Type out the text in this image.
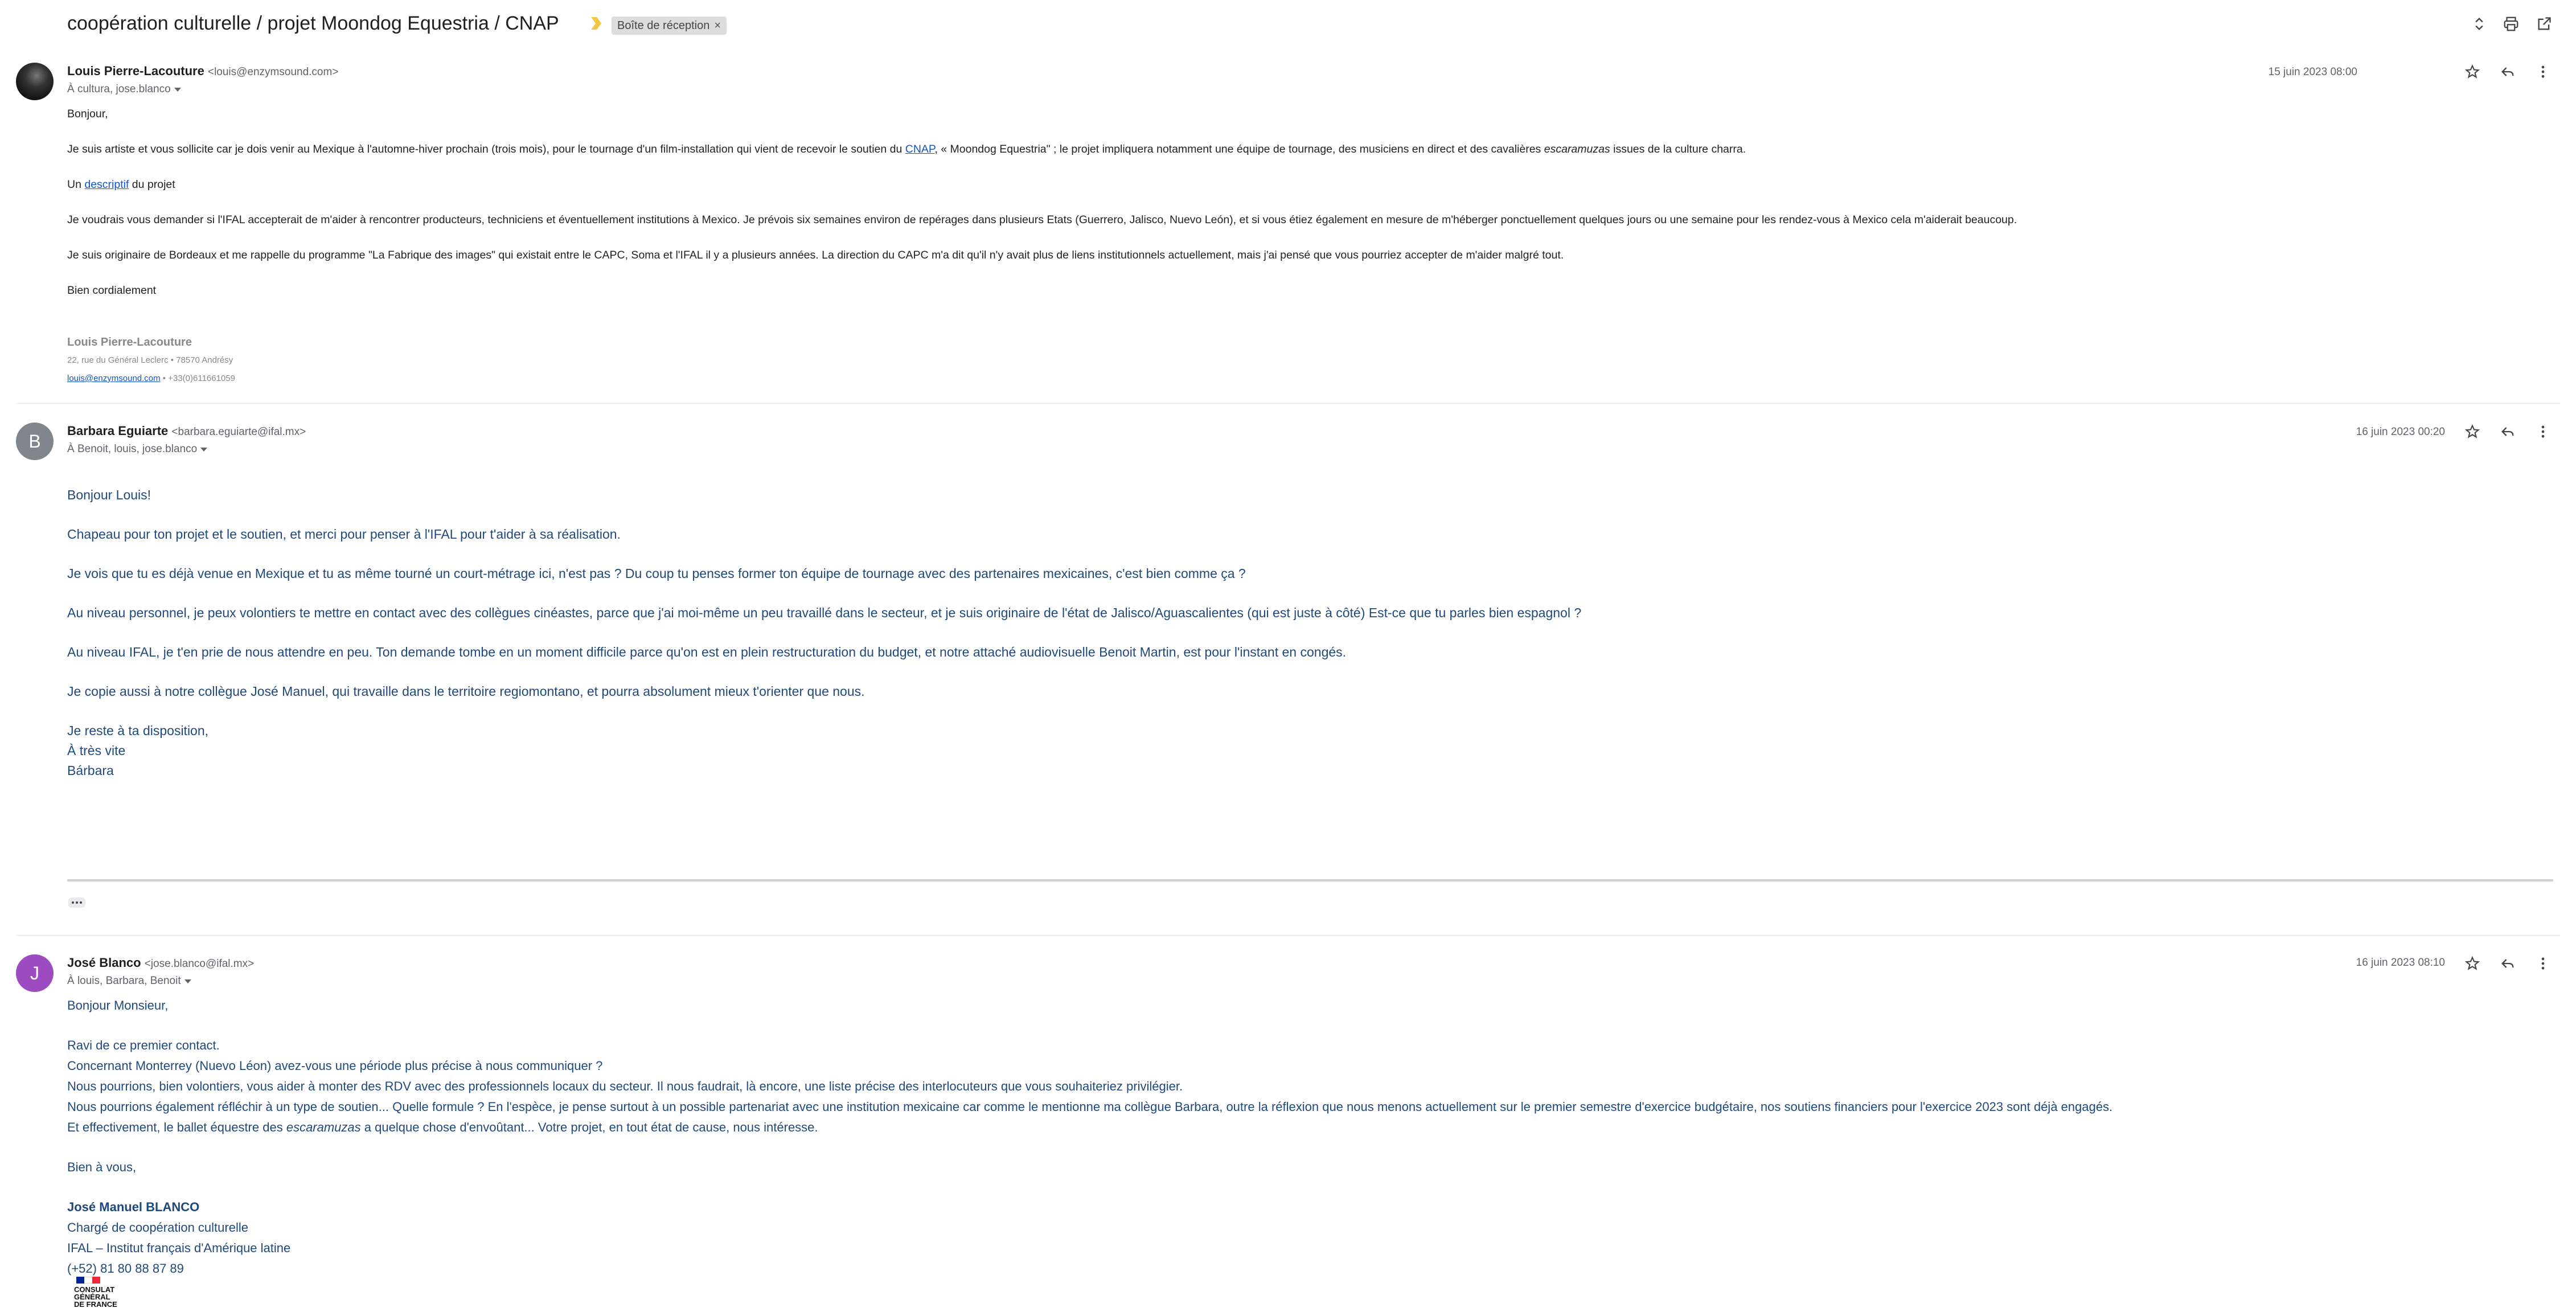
coopération culturelle / projet Moondog Equestria / CNAP	Boîte de réception ×
Louis Pierre-Lacouture <louis@enzymsound.com>
À cultura, jose.blanco
15 juin 2023 08:00

Bonjour,

Je suis artiste et vous sollicite car je dois venir au Mexique à l'automne-hiver prochain (trois mois), pour le tournage d'un film-installation qui vient de recevoir le soutien du CNAP, « Moondog Equestria" ; le projet impliquera notamment une équipe de tournage, des musiciens en direct et des cavalières escaramuzas issues de la culture charra.

Un descriptif du projet

Je voudrais vous demander si l'IFAL accepterait de m'aider à rencontrer producteurs, techniciens et éventuellement institutions à Mexico. Je prévois six semaines environ de repérages dans plusieurs Etats (Guerrero, Jalisco, Nuevo León), et si vous étiez également en mesure de m'héberger ponctuellement quelques jours ou une semaine pour les rendez-vous à Mexico cela m'aiderait beaucoup.

Je suis originaire de Bordeaux et me rappelle du programme "La Fabrique des images" qui existait entre le CAPC, Soma et l'IFAL il y a plusieurs années. La direction du CAPC m'a dit qu'il n'y avait plus de liens institutionnels actuellement, mais j'ai pensé que vous pourriez accepter de m'aider malgré tout.

Bien cordialement

Louis Pierre-Lacouture
22, rue du Général Leclerc • 78570 Andrésy
louis@enzymsound.com • +33(0)611661059
B	Barbara Eguiarte <barbara.eguiarte@ifal.mx>
À Benoit, louis, jose.blanco
16 juin 2023 00:20

Bonjour Louis!

Chapeau pour ton projet et le soutien, et merci pour penser à l'IFAL pour t'aider à sa réalisation.

Je vois que tu es déjà venue en Mexique et tu as même tourné un court-métrage ici, n'est pas ? Du coup tu penses former ton équipe de tournage avec des partenaires mexicaines, c'est bien comme ça ?

Au niveau personnel, je peux volontiers te mettre en contact avec des collègues cinéastes, parce que j'ai moi-même un peu travaillé dans le secteur, et je suis originaire de l'état de Jalisco/Aguascalientes (qui est juste à côté) Est-ce que tu parles bien espagnol ?

Au niveau IFAL, je t'en prie de nous attendre en peu. Ton demande tombe en un moment difficile parce qu'on est en plein restructuration du budget, et notre attaché audiovisuelle Benoit Martin, est pour l'instant en congés.

Je copie aussi à notre collègue José Manuel, qui travaille dans le territoire regiomontano, et pourra absolument mieux t'orienter que nous.

Je reste à ta disposition,

À très vite

Bárbara

J	José Blanco <jose.blanco@ifal.mx>
À louis, Barbara, Benoit
16 juin 2023 08:10

Bonjour Monsieur,

Ravi de ce premier contact.

Concernant Monterrey (Nuevo Léon) avez-vous une période plus précise à nous communiquer ?

Nous pourrions, bien volontiers, vous aider à monter des RDV avec des professionnels locaux du secteur. Il nous faudrait, là encore, une liste précise des interlocuteurs que vous souhaiteriez privilégier.

Nous pourrions également réfléchir à un type de soutien... Quelle formule ? En l'espèce, je pense surtout à un possible partenariat avec une institution mexicaine car comme le mentionne ma collègue Barbara, outre la réflexion que nous menons actuellement sur le premier semestre d'exercice budgétaire, nos soutiens financiers pour l'exercice 2023 sont déjà engagés.

Et effectivement, le ballet équestre des escaramuzas a quelque chose d'envoûtant... Votre projet, en tout état de cause, nous intéresse.

Bien à vous,

José Manuel BLANCO

Chargé de coopération culturelle

IFAL – Institut français d'Amérique latine

(+52) 81 80 88 87 89

CONSULAT
GÉNÉRAL
DE FRANCE
